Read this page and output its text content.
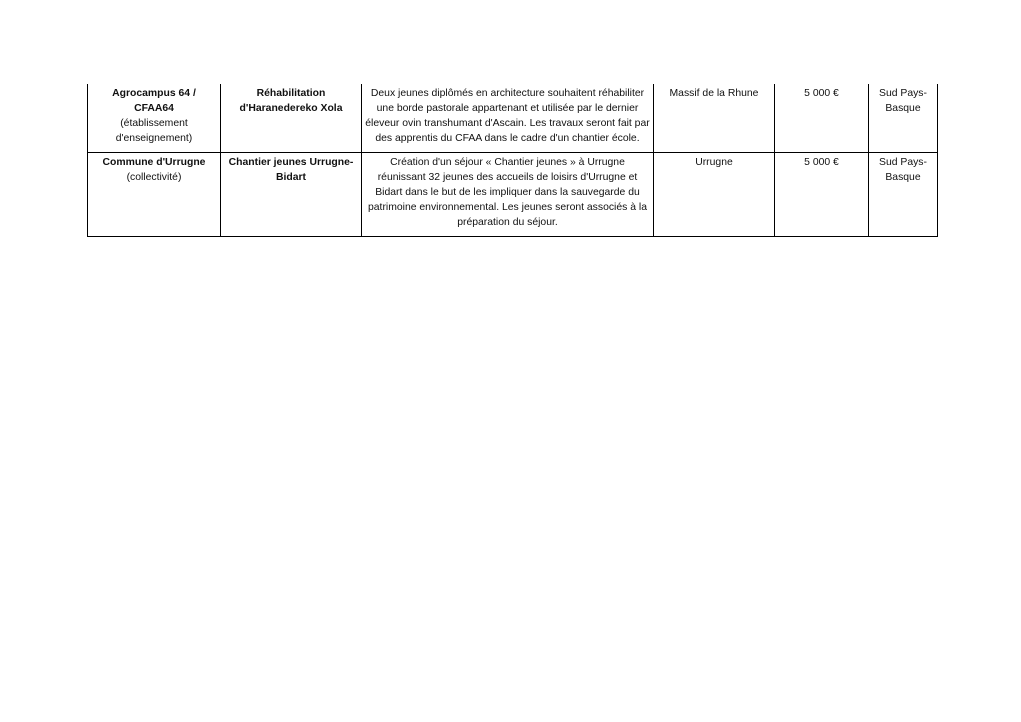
Agrocampus 64 / CFAA64
(établissement d'enseignement)	Réhabilitation d'Haranedereko Xola	Deux jeunes diplômés en architecture souhaitent réhabiliter une borde pastorale appartenant et utilisée par le dernier éleveur ovin transhumant d'Ascain. Les travaux seront fait par des apprentis du CFAA dans le cadre d'un chantier école.	Massif de la Rhune	5 000 €	Sud Pays-Basque

Commune d'Urrugne
(collectivité)	Chantier jeunes Urrugne-Bidart	Création d'un séjour « Chantier jeunes » à Urrugne réunissant 32 jeunes des accueils de loisirs d'Urrugne et Bidart dans le but de les impliquer dans la sauvegarde du patrimoine environnemental. Les jeunes seront associés à la préparation du séjour.	Urrugne	5 000 €	Sud Pays-Basque
